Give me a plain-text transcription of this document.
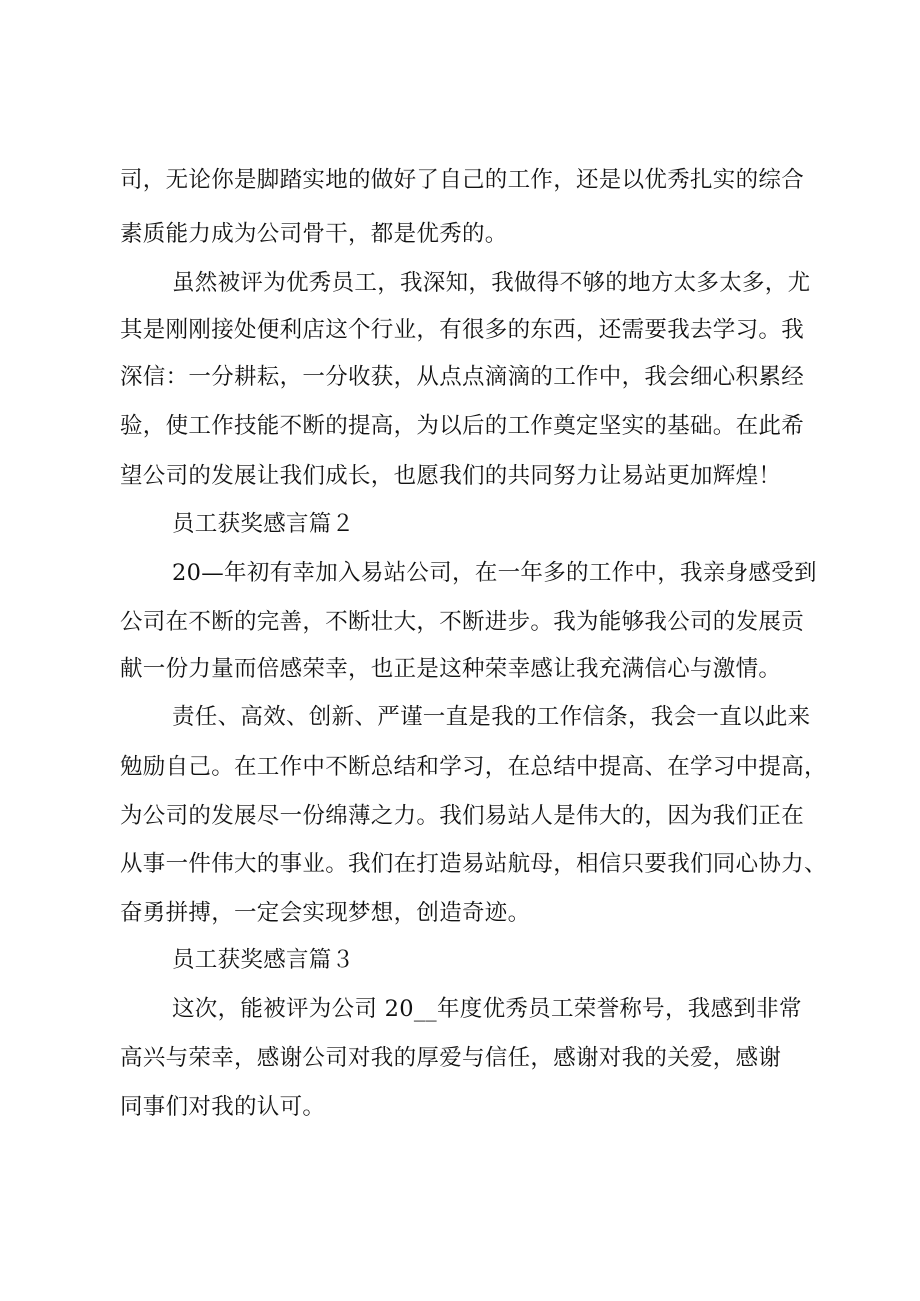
司，无论你是脚踏实地的做好了自己的工作，还是以优秀扎实的综合
素质能力成为公司骨干，都是优秀的。
虽然被评为优秀员工，我深知，我做得不够的地方太多太多，尤
其是刚刚接处便利店这个行业，有很多的东西，还需要我去学习。我
深信：一分耕耘，一分收获，从点点滴滴的工作中，我会细心积累经
验，使工作技能不断的提高，为以后的工作奠定坚实的基础。在此希
望公司的发展让我们成长，也愿我们的共同努力让易站更加辉煌！
员工获奖感言篇２
20—年初有幸加入易站公司，在一年多的工作中，我亲身感受到
公司在不断的完善，不断壮大，不断进步。我为能够我公司的发展贡
献一份力量而倍感荣幸，也正是这种荣幸感让我充满信心与激情。
责任、高效、创新、严谨一直是我的工作信条，我会一直以此来
勉励自己。在工作中不断总结和学习，在总结中提高、在学习中提高，
为公司的发展尽一份绵薄之力。我们易站人是伟大的，因为我们正在
从事一件伟大的事业。我们在打造易站航母，相信只要我们同心协力、
奋勇拼搏，一定会实现梦想，创造奇迹。
员工获奖感言篇３
这次，能被评为公司 20__年度优秀员工荣誉称号，我感到非常
高兴与荣幸，感谢公司对我的厚爱与信任，感谢对我的关爱，感谢
同事们对我的认可。
